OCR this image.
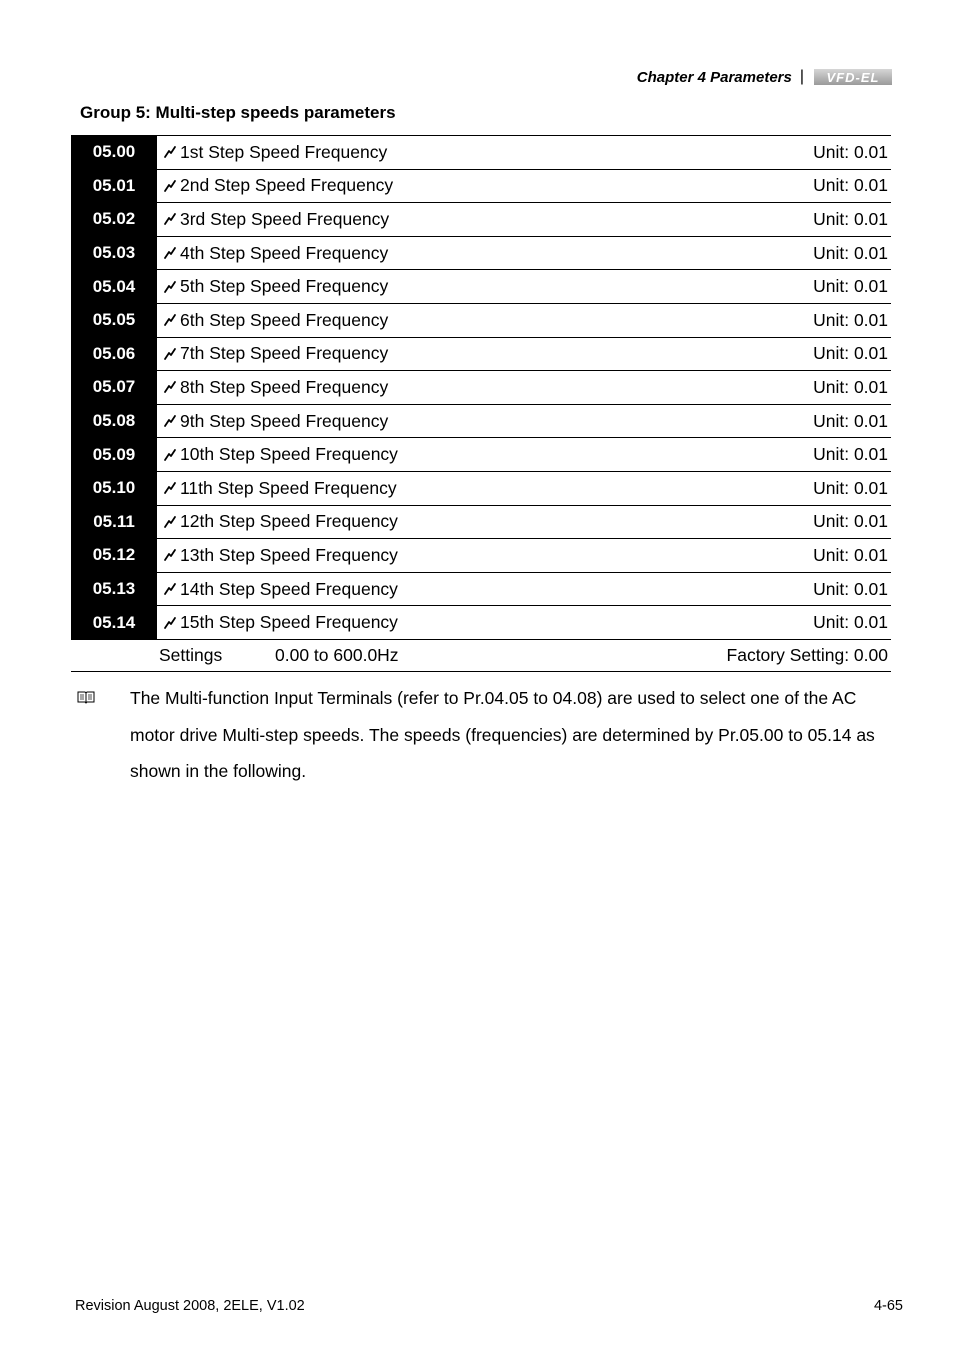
Chapter 4 Parameters | VFD-EL
Group 5: Multi-step speeds parameters
05.00	1st Step Speed Frequency	Unit: 0.01
05.01	2nd Step Speed Frequency	Unit: 0.01
05.02	3rd Step Speed Frequency	Unit: 0.01
05.03	4th Step Speed Frequency	Unit: 0.01
05.04	5th Step Speed Frequency	Unit: 0.01
05.05	6th Step Speed Frequency	Unit: 0.01
05.06	7th Step Speed Frequency	Unit: 0.01
05.07	8th Step Speed Frequency	Unit: 0.01
05.08	9th Step Speed Frequency	Unit: 0.01
05.09	10th Step Speed Frequency	Unit: 0.01
05.10	11th Step Speed Frequency	Unit: 0.01
05.11	12th Step Speed Frequency	Unit: 0.01
05.12	13th Step Speed Frequency	Unit: 0.01
05.13	14th Step Speed Frequency	Unit: 0.01
05.14	15th Step Speed Frequency	Unit: 0.01
Settings	0.00 to 600.0Hz	Factory Setting: 0.00
The Multi-function Input Terminals (refer to Pr.04.05 to 04.08) are used to select one of the AC motor drive Multi-step speeds. The speeds (frequencies) are determined by Pr.05.00 to 05.14 as shown in the following.
Revision August 2008, 2ELE, V1.02	4-65
